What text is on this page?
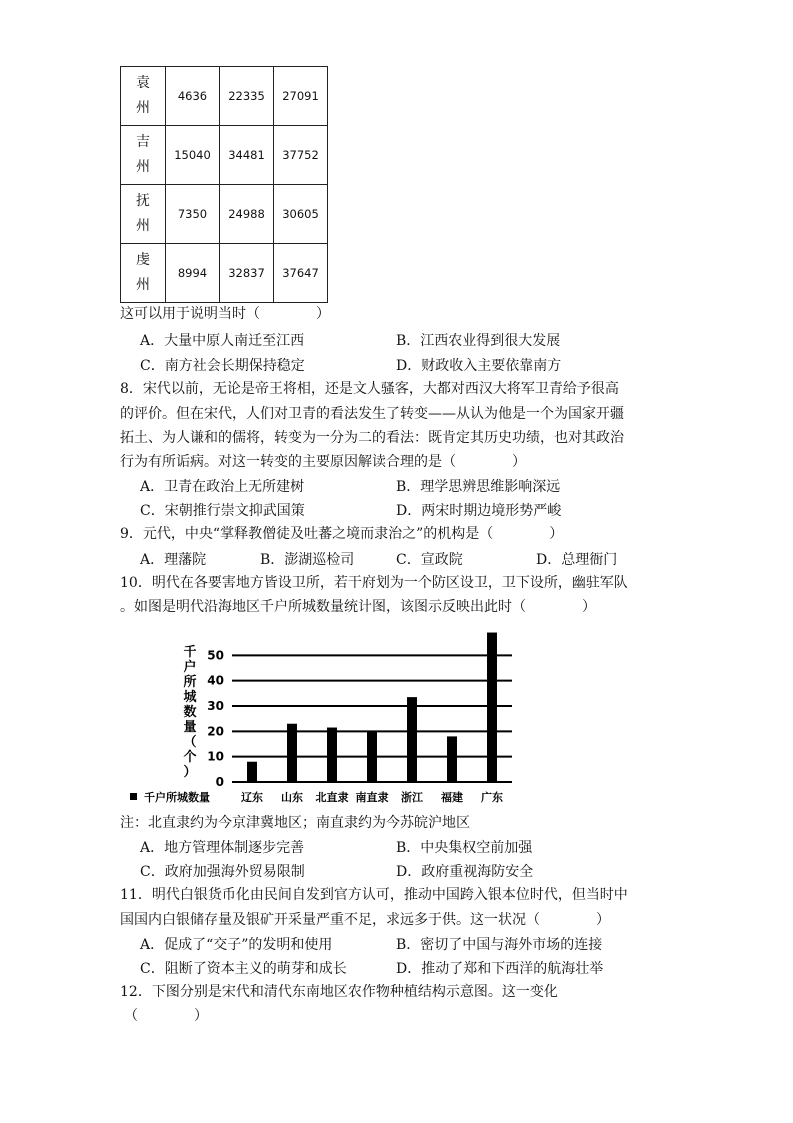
袁
州	4636	22335	27091

吉
州	15040	34481	37752

抚
州	7350	24988	30605

虔
州	8994	32837	37647
这可以用于说明当时（　　　　）
A．大量中原人南迁至江西	B．江西农业得到很大发展
C．南方社会长期保持稳定	D．财政收入主要依靠南方
8．宋代以前，无论是帝王将相，还是文人骚客，大都对西汉大将军卫青给予很高
的评价。但在宋代，人们对卫青的看法发生了转变——从认为他是一个为国家开疆
拓土、为人谦和的儒将，转变为一分为二的看法：既肯定其历史功绩，也对其政治
行为有所诟病。对这一转变的主要原因解读合理的是（　　　　）
A．卫青在政治上无所建树	B．理学思辨思维影响深远
C．宋朝推行崇文抑武国策	D．两宋时期边境形势严峻
9．元代，中央“掌释教僧徒及吐蕃之境而隶治之”的机构是（　　　　）
A．理藩院	B．澎湖巡检司	C．宣政院	D．总理衙门
10．明代在各要害地方皆设卫所，若干府划为一个防区设卫，卫下设所，幽驻军队
。如图是明代沿海地区千户所城数量统计图，该图示反映出此时（　　　　）
0
10
20
30
40
50
辽东 山东 北直隶 南直隶 浙江 福建 广东
千
户
所
城
数
量
（
个
）
千户所城数量
注：北直隶约为今京津冀地区；南直隶约为今苏皖沪地区
A．地方管理体制逐步完善	B．中央集权空前加强
C．政府加强海外贸易限制	D．政府重视海防安全
11．明代白银货币化由民间自发到官方认可，推动中国跨入银本位时代，但当时中
国国内白银储存量及银矿开采量严重不足，求远多于供。这一状况（　　　　）
A．促成了“交子”的发明和使用	B．密切了中国与海外市场的连接
C．阻断了资本主义的萌芽和成长	D．推动了郑和下西洋的航海壮举
12．下图分别是宋代和清代东南地区农作物种植结构示意图。这一变化
（　　　　）
